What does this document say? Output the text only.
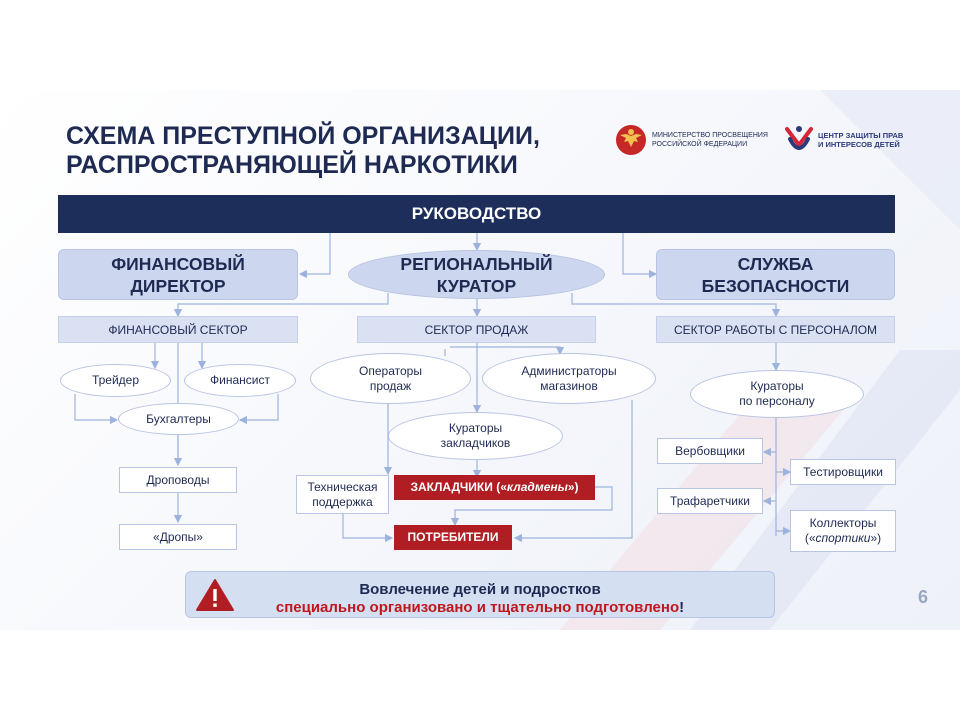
СХЕМА ПРЕСТУПНОЙ ОРГАНИЗАЦИИ,
РАСПРОСТРАНЯЮЩЕЙ НАРКОТИКИ
МИНИСТЕРСТВО ПРОСВЕЩЕНИЯ
РОССИЙСКОЙ ФЕДЕРАЦИИ
ЦЕНТР ЗАЩИТЫ ПРАВ
И ИНТЕРЕСОВ ДЕТЕЙ
РУКОВОДСТВО
ФИНАНСОВЫЙ
ДИРЕКТОР
РЕГИОНАЛЬНЫЙ
КУРАТОР
СЛУЖБА
БЕЗОПАСНОСТИ
ФИНАНСОВЫЙ СЕКТОР	СЕКТОР ПРОДАЖ	СЕКТОР РАБОТЫ С ПЕРСОНАЛОМ
Трейдер	Финансист
Бухгалтеры
Дроповоды
«Дропы»
Операторы
продаж
Администраторы
магазинов
Кураторы
закладчиков
Техническая
поддержка
ЗАКЛАДЧИКИ (« кладмены »)
ПОТРЕБИТЕЛИ
Кураторы
по персоналу
Вербовщики
Тестировщики
Трафаретчики
Коллекторы
(«спортики»)
Вовлечение детей и подростков
специально организовано и тщательно подготовлено!
6
